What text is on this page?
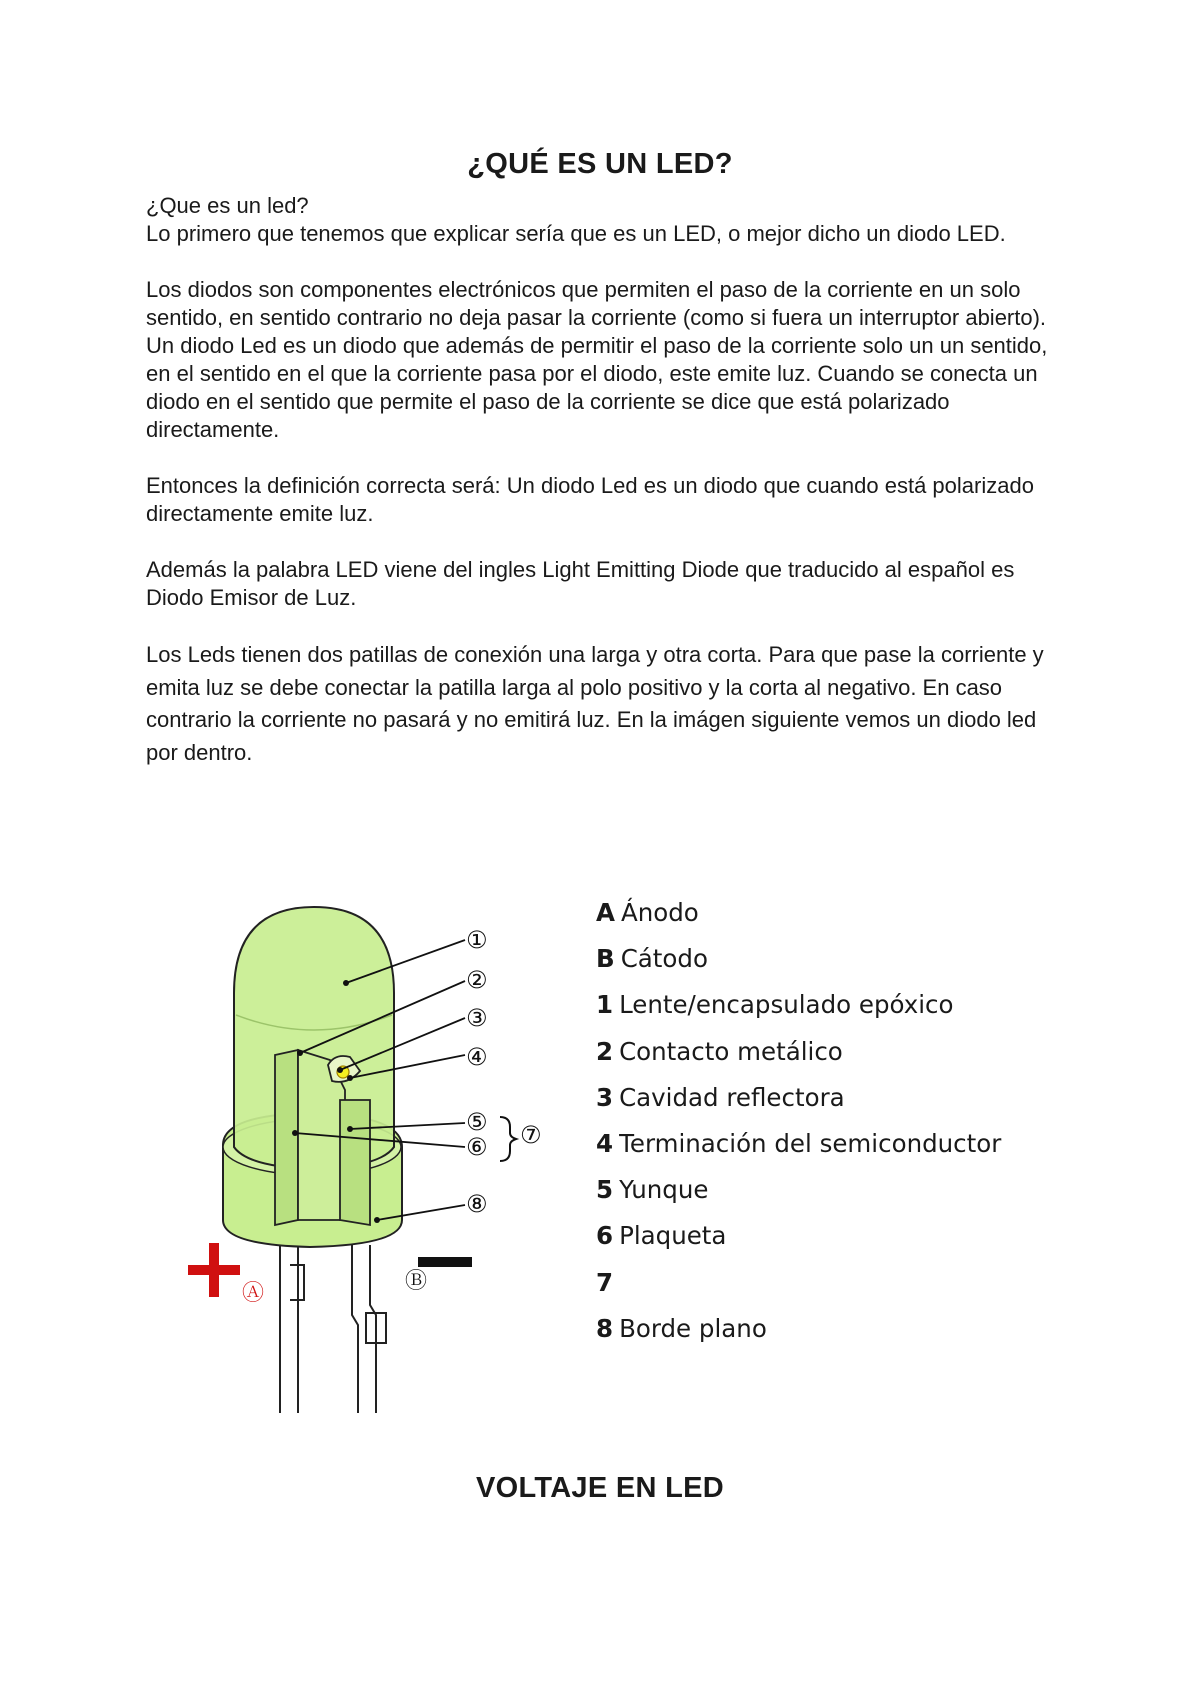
¿QUÉ ES UN LED?

¿Que es un led?

Lo primero que tenemos que explicar sería que es un LED, o mejor dicho un diodo LED.

Los diodos son componentes electrónicos que permiten el paso de la corriente en un solo sentido, en sentido contrario no deja pasar la corriente (como si fuera un interruptor abierto). Un diodo Led es un diodo que además de permitir el paso de la corriente solo un un sentido, en el sentido en el que la corriente pasa por el diodo, este emite luz. Cuando se conecta un diodo en el sentido que permite el paso de la corriente se dice que está polarizado directamente.

Entonces la definición correcta será: Un diodo Led es un diodo que cuando está polarizado directamente emite luz.

Además la palabra LED viene del ingles Light Emitting Diode que traducido al español es Diodo Emisor de Luz.

Los Leds tienen dos patillas de conexión una larga y otra corta. Para que pase la corriente y emita luz se debe conectar la patilla larga al polo positivo y la corta al negativo. En caso contrario la corriente no pasará y no emitirá luz. En la imágen siguiente vemos un diodo led por dentro.

①
②
③
④
⑤
⑥ ⑦
⑧
Ⓐ	Ⓑ
A Ánodo
B Cátodo
1 Lente/encapsulado epóxico
2 Contacto metálico
3 Cavidad reflectora
4 Terminación del semiconductor
5 Yunque
6 Plaqueta
7
8 Borde plano
VOLTAJE EN LED
